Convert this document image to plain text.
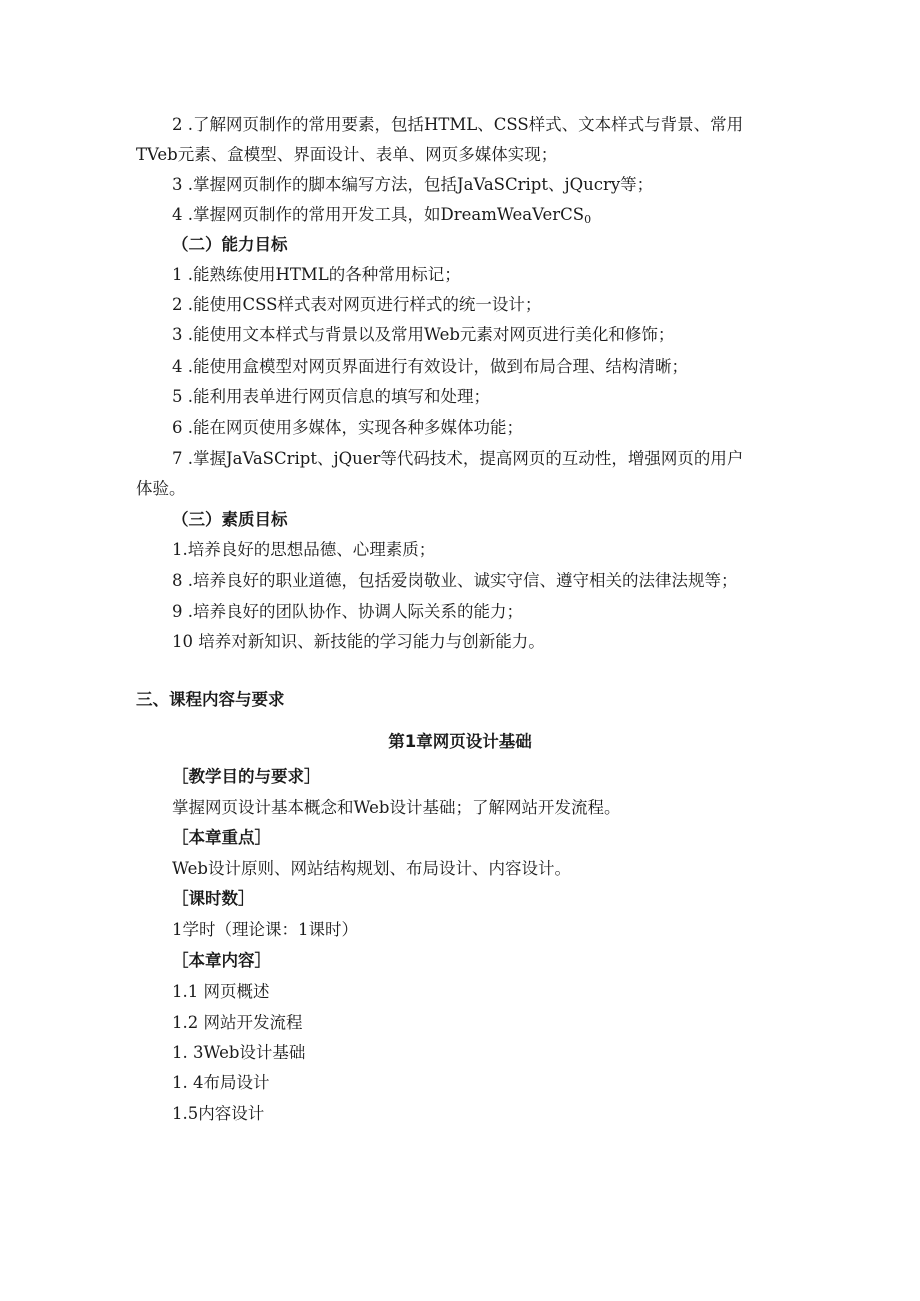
2 .了解网页制作的常用要素，包括HTML、CSS样式、文本样式与背景、常用
TVeb元素、盒模型、界面设计、表单、网页多媒体实现；
3 .掌握网页制作的脚本编写方法，包括JaVaSCript、jQucry等；
4 .掌握网页制作的常用开发工具，如DreamWeaVerCS$_0$
（二）能力目标
1 .能熟练使用HTML的各种常用标记；
2 .能使用CSS样式表对网页进行样式的统一设计；
3 .能使用文本样式与背景以及常用Web元素对网页进行美化和修饰；
4 .能使用盒模型对网页界面进行有效设计，做到布局合理、结构清晰；
5 .能利用表单进行网页信息的填写和处理；
6 .能在网页使用多媒体，实现各种多媒体功能；
7 .掌握JaVaSCript、jQuer等代码技术，提高网页的互动性，增强网页的用户
体验。
（三）素质目标
1.培养良好的思想品德、心理素质；
8 .培养良好的职业道德，包括爱岗敬业、诚实守信、遵守相关的法律法规等；
9 .培养良好的团队协作、协调人际关系的能力；
10 培养对新知识、新技能的学习能力与创新能力。
三、课程内容与要求
第1章网页设计基础
［教学目的与要求］
掌握网页设计基本概念和Web设计基础；了解网站开发流程。
［本章重点］
Web设计原则、网站结构规划、布局设计、内容设计。
［课时数］
1学时（理论课：1课时）
［本章内容］
1.1 网页概述
1.2 网站开发流程
1. 3Web设计基础
1. 4布局设计
1.5内容设计
